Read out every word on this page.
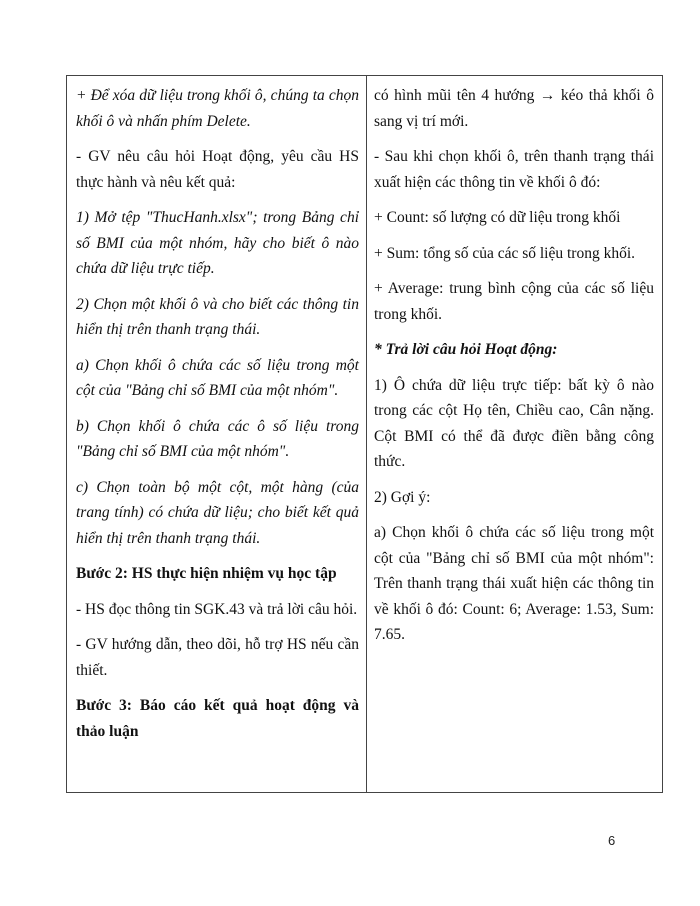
+ Để xóa dữ liệu trong khối ô, chúng ta chọn khối ô và nhấn phím Delete.

- GV nêu câu hỏi Hoạt động, yêu cầu HS thực hành và nêu kết quả:

1) Mở tệp "ThucHanh.xlsx"; trong Bảng chỉ số BMI của một nhóm, hãy cho biết ô nào chứa dữ liệu trực tiếp.

2) Chọn một khối ô và cho biết các thông tin hiển thị trên thanh trạng thái.

a) Chọn khối ô chứa các số liệu trong một cột của "Bảng chỉ số BMI của một nhóm".

b) Chọn khối ô chứa các ô số liệu trong "Bảng chỉ số BMI của một nhóm".

c) Chọn toàn bộ một cột, một hàng (của trang tính) có chứa dữ liệu; cho biết kết quả hiển thị trên thanh trạng thái.

Bước 2: HS thực hiện nhiệm vụ học tập

- HS đọc thông tin SGK.43 và trả lời câu hỏi.

- GV hướng dẫn, theo dõi, hỗ trợ HS nếu cần thiết.

Bước 3: Báo cáo kết quả hoạt động và thảo luận

có hình mũi tên 4 hướng → kéo thả khối ô sang vị trí mới.

- Sau khi chọn khối ô, trên thanh trạng thái xuất hiện các thông tin về khối ô đó:

+ Count: số lượng có dữ liệu trong khối

+ Sum: tổng số của các số liệu trong khối.

+ Average: trung bình cộng của các số liệu trong khối.

* Trả lời câu hỏi Hoạt động:

1) Ô chứa dữ liệu trực tiếp: bất kỳ ô nào trong các cột Họ tên, Chiều cao, Cân nặng. Cột BMI có thể đã được điền bằng công thức.

2) Gợi ý:

a) Chọn khối ô chứa các số liệu trong một cột của "Bảng chỉ số BMI của một nhóm": Trên thanh trạng thái xuất hiện các thông tin về khối ô đó: Count: 6; Average: 1.53, Sum: 7.65.

6
